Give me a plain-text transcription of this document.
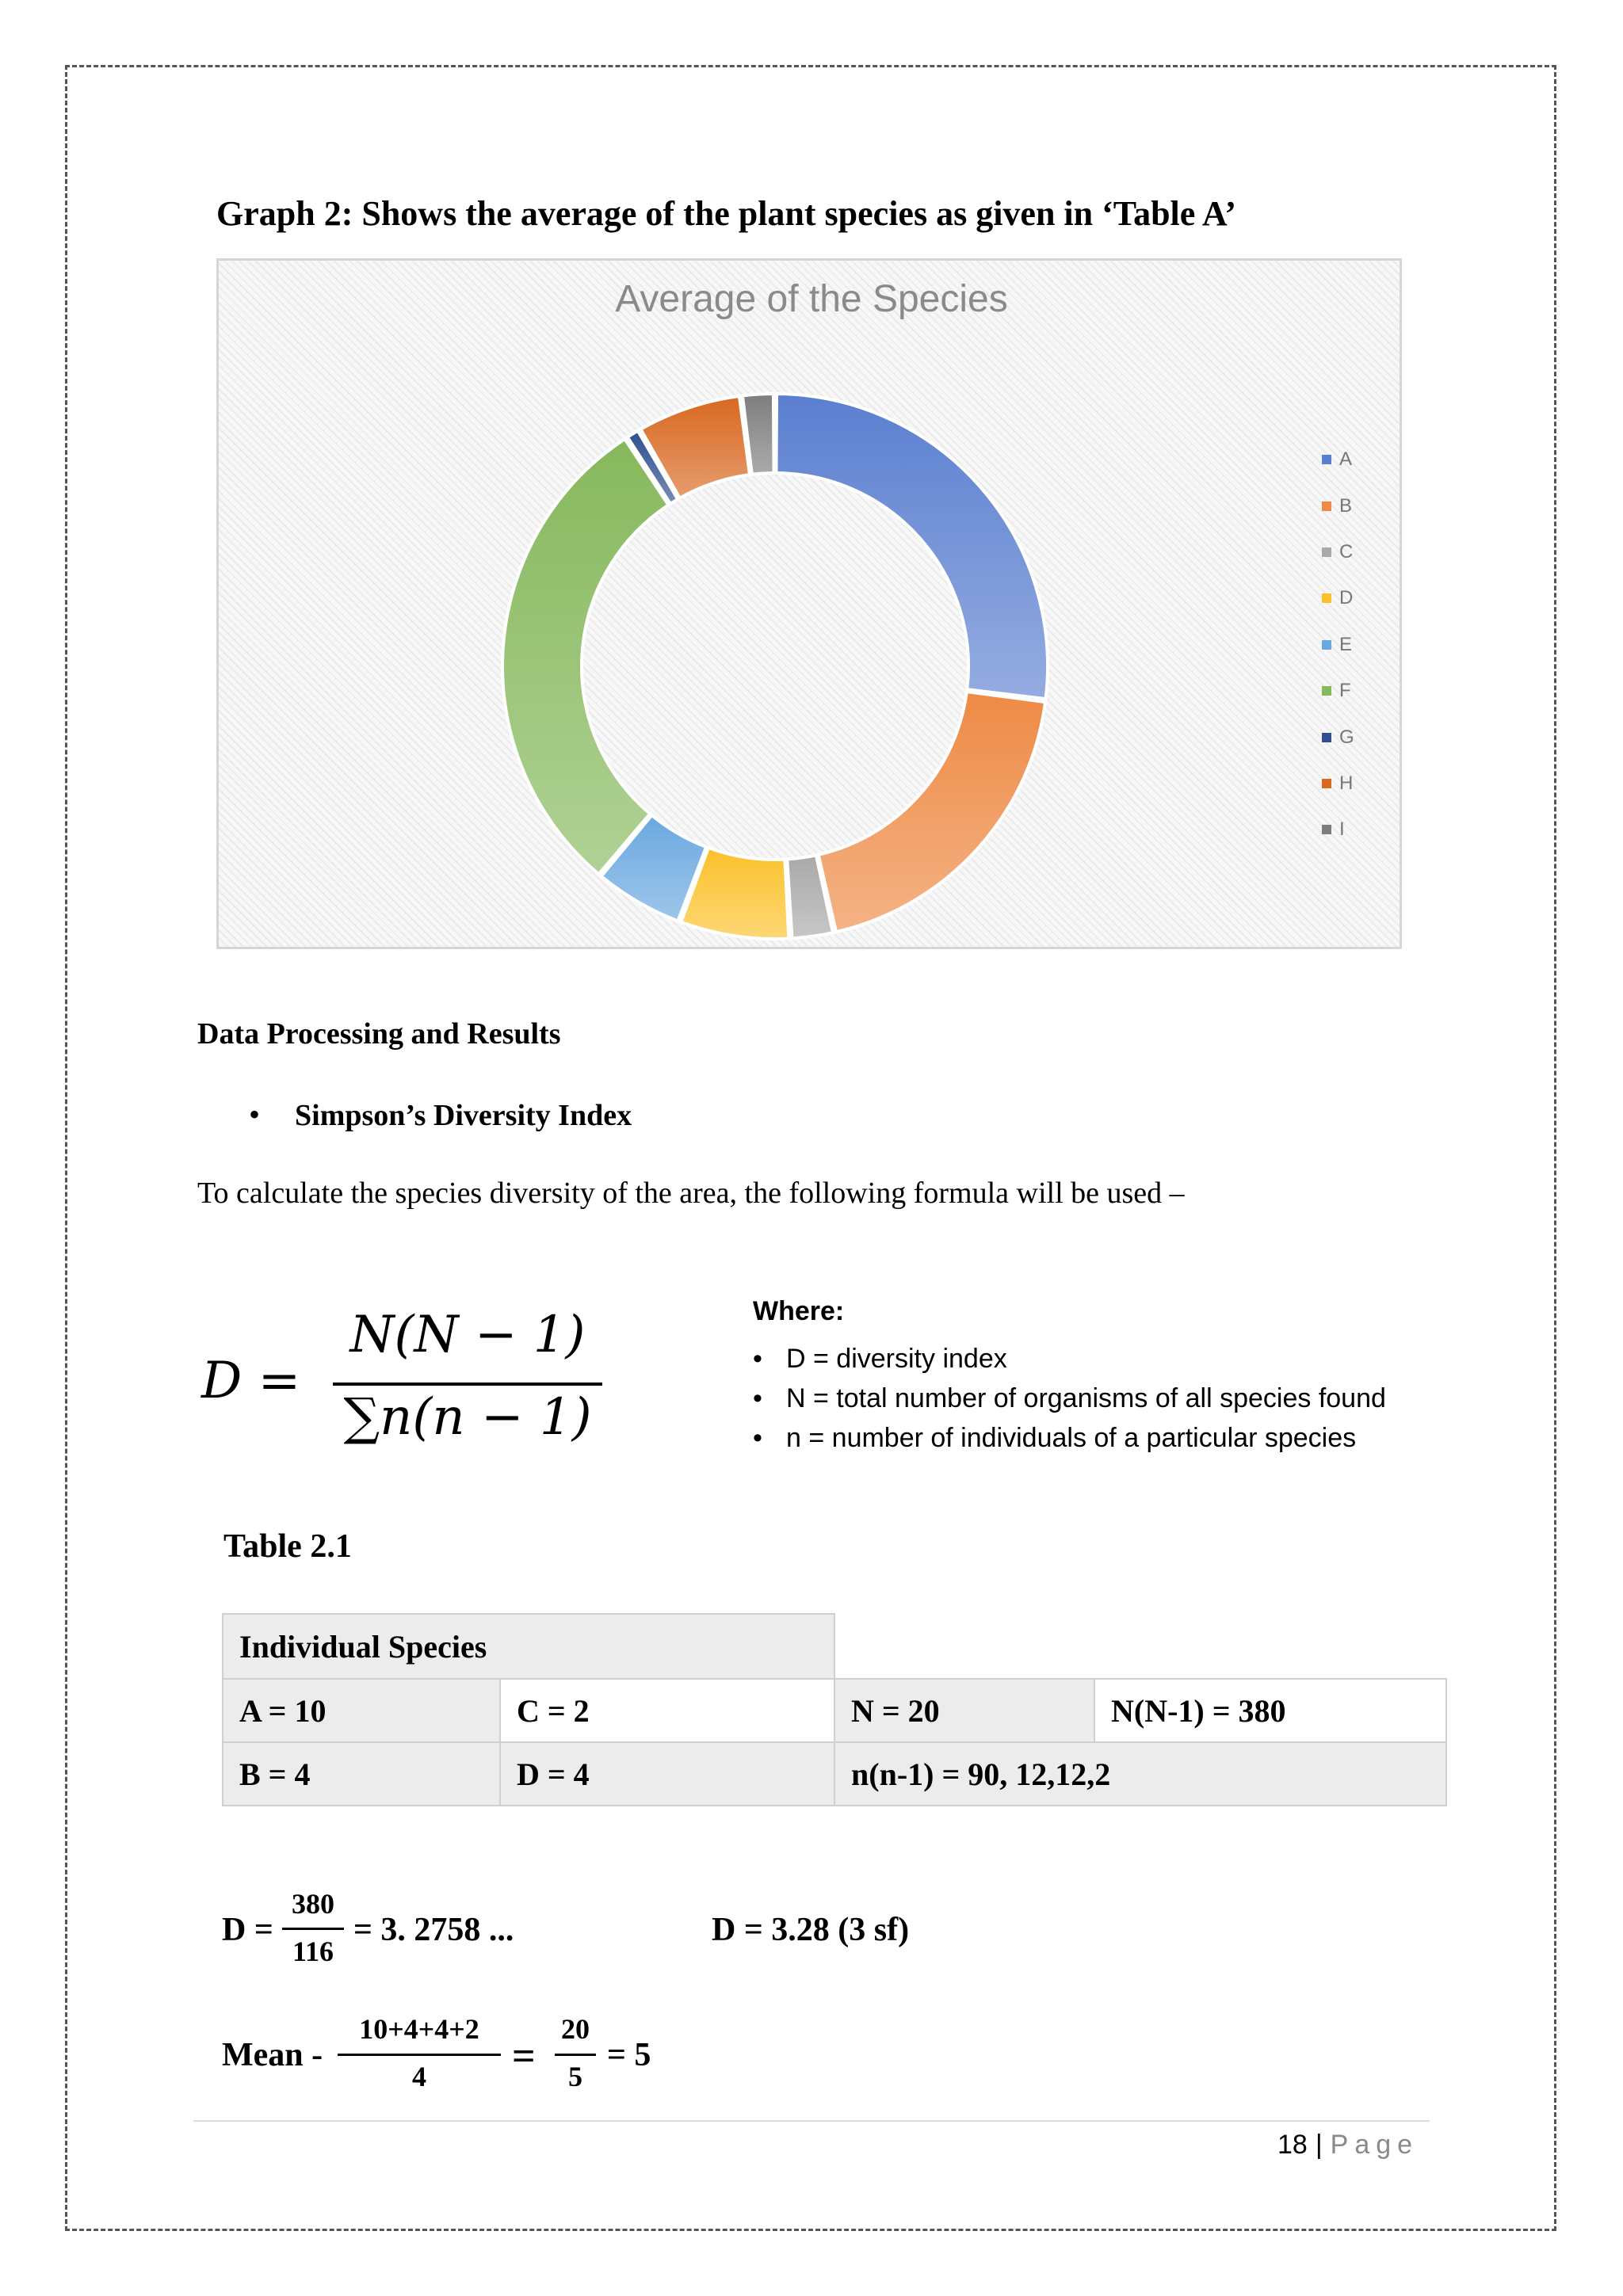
Graph 2: Shows the average of the plant species as given in ‘Table A’
Average of the Species
A
B
C
D
E
F
G
H
I
Data Processing and Results
• Simpson’s Diversity Index
To calculate the species diversity of the area, the following formula will be used –
D =
N(N − 1)
∑n(n − 1)
Where:
• D = diversity index
• N = total number of organisms of all species found
• n = number of individuals of a particular species
Table 2.1
Individual Species
A = 10	C = 2	N = 20	N(N-1) = 380
B = 4	D = 4	n(n-1) = 90, 12,12,2
D =
380
116
= 3. 2758 ...	D = 3.28 (3 sf)
Mean -
10+4+4+2
4	=
20
5
= 5
18 | Page
